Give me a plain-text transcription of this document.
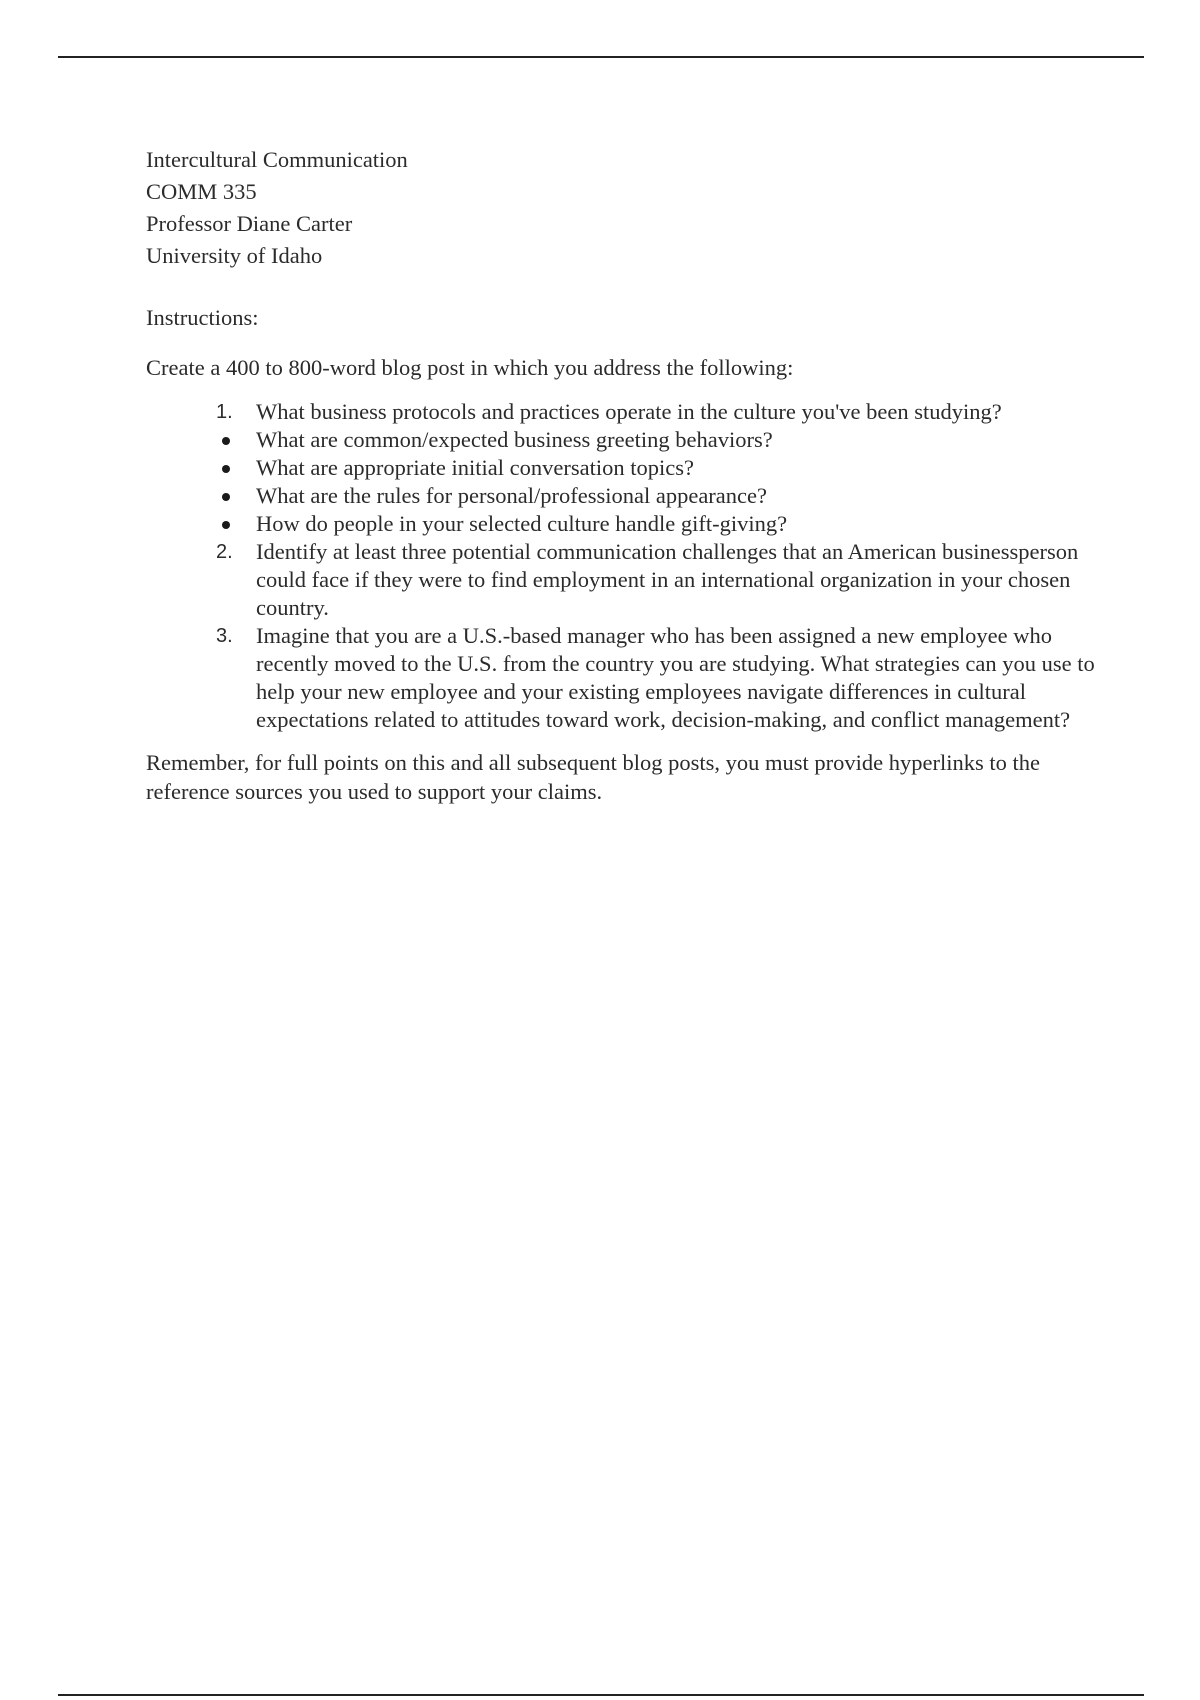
Intercultural Communication
COMM 335
Professor Diane Carter
University of Idaho
Instructions:
Create a 400 to 800-word blog post in which you address the following:
1. What business protocols and practices operate in the culture you've been studying?
What are common/expected business greeting behaviors?
What are appropriate initial conversation topics?
What are the rules for personal/professional appearance?
How do people in your selected culture handle gift-giving?
2. Identify at least three potential communication challenges that an American businessperson could face if they were to find employment in an international organization in your chosen country.
3. Imagine that you are a U.S.-based manager who has been assigned a new employee who recently moved to the U.S. from the country you are studying. What strategies can you use to help your new employee and your existing employees navigate differences in cultural expectations related to attitudes toward work, decision-making, and conflict management?
Remember, for full points on this and all subsequent blog posts, you must provide hyperlinks to the reference sources you used to support your claims.
